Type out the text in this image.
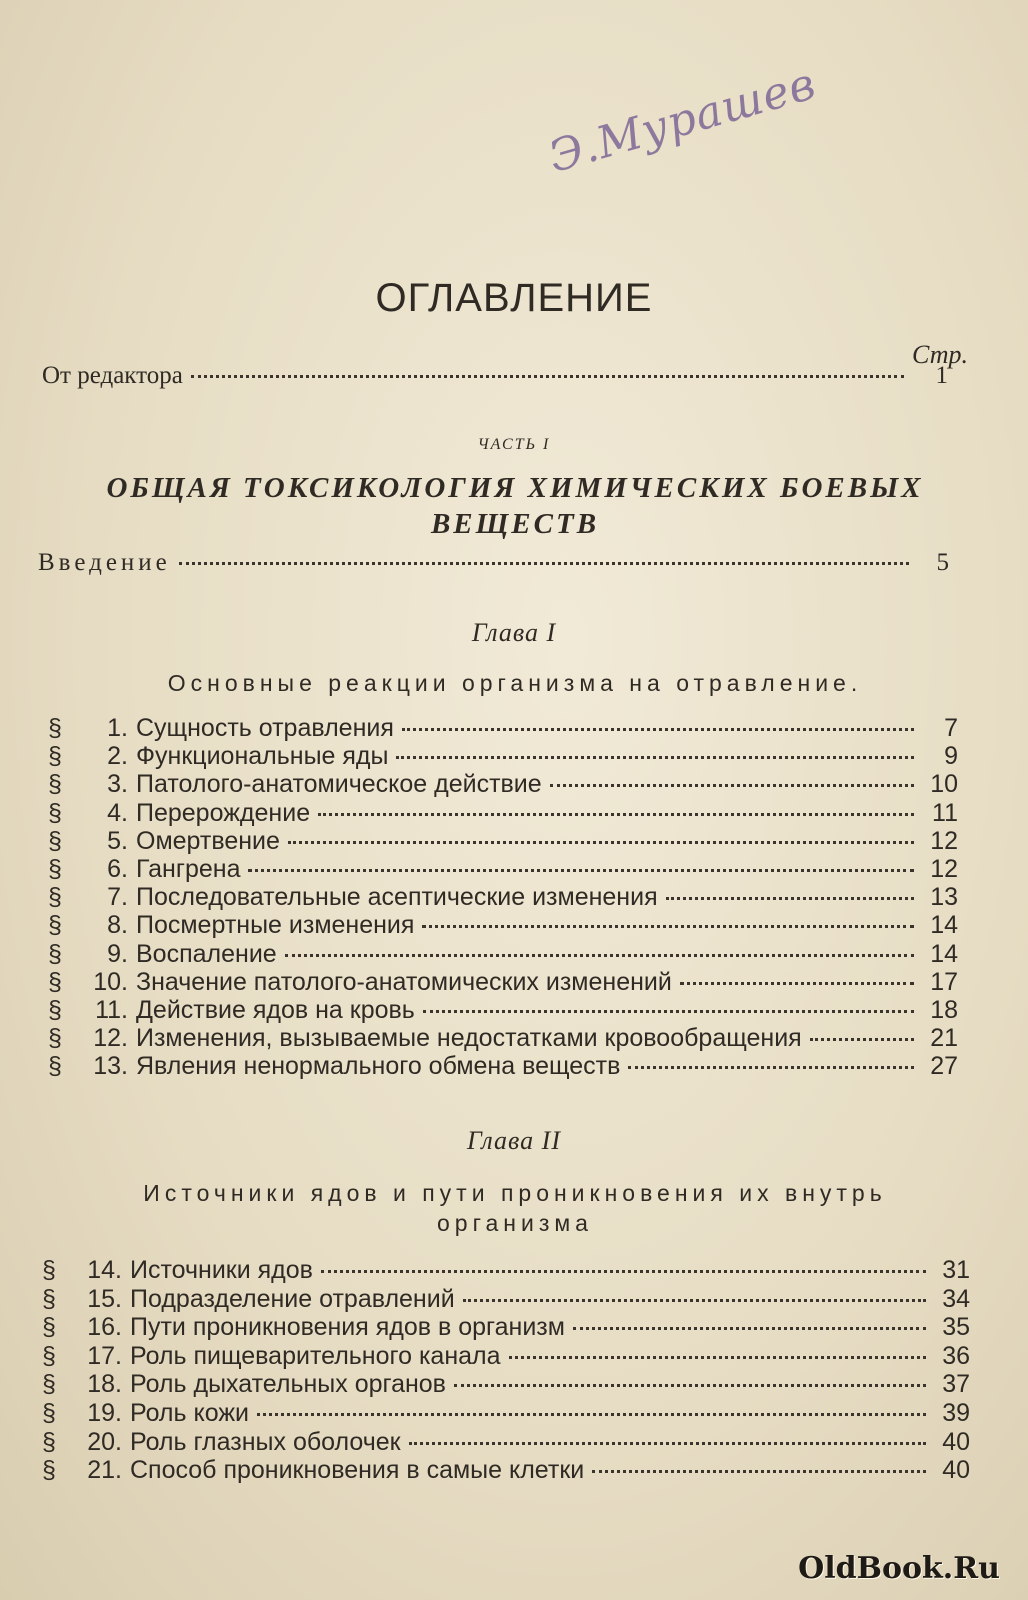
Э.Мурашев
ОГЛАВЛЕНИЕ
Стр.
От редактора	1
ЧАСТЬ I
ОБЩАЯ ТОКСИКОЛОГИЯ ХИМИЧЕСКИХ БОЕВЫХ ВЕЩЕСТВ
Введение	5
Глава I
Основные реакции организма на отравление.
§	1. Сущность отравления	7
§	2. Функциональные яды	9
§	3. Патолого-анатомическое действие	10
§	4. Перерождение	11
§	5. Омертвение	12
§	6. Гангрена	12
§	7. Последовательные асептические изменения	13
§	8. Посмертные изменения	14
§	9. Воспаление	14
§	10. Значение патолого-анатомических изменений	17
§	11. Действие ядов на кровь	18
§	12. Изменения, вызываемые недостатками кровообращения	21
§	13. Явления ненормального обмена веществ	27
Глава II
Источники ядов и пути проникновения их внутрь организма
§	14. Источники ядов	31
§	15. Подразделение отравлений	34
§	16. Пути проникновения ядов в организм	35
§	17. Роль пищеварительного канала	36
§	18. Роль дыхательных органов	37
§	19. Роль кожи	39
§	20. Роль глазных оболочек	40
§	21. Способ проникновения в самые клетки	40
OldBook.Ru
